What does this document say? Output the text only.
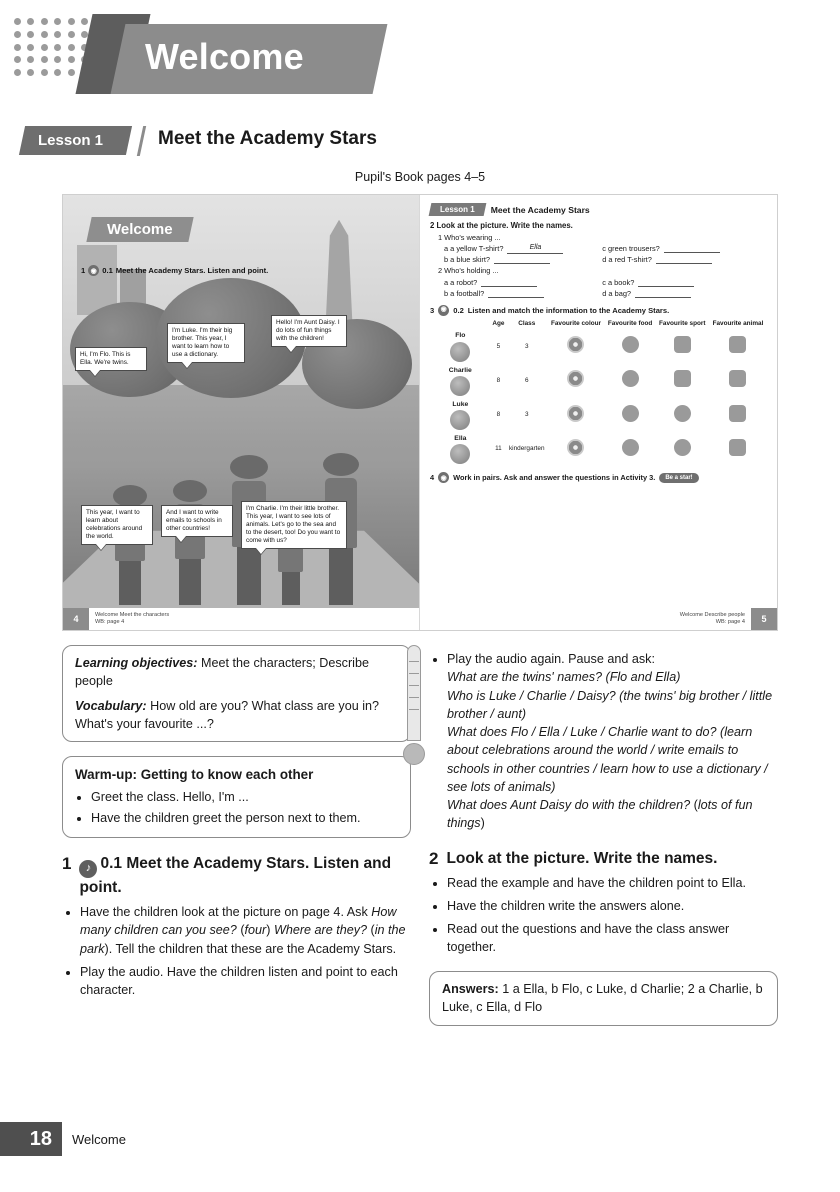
Welcome
Lesson 1	Meet the Academy Stars
Pupil's Book pages 4–5
Welcome
1 ◉ 0.1 Meet the Academy Stars. Listen and point.
Hi, I'm Flo. This is Ella. We're twins.
I'm Luke. I'm their big brother. This year, I want to learn how to use a dictionary.
Hello! I'm Aunt Daisy. I do lots of fun things with the children!
This year, I want to learn about celebrations around the world.
And I want to write emails to schools in other countries!
I'm Charlie. I'm their little brother. This year, I want to see lots of animals. Let's go to the sea and to the desert, too! Do you want to come with us?
4	Welcome Meet the characters
WB: page 4
Lesson 1	Meet the Academy Stars
2 Look at the picture. Write the names.
1 Who's wearing ...
a a yellow T-shirt?	Ella	c green trousers?
b a blue skirt?	d a red T-shirt?
2 Who's holding ...
a a robot?	c a book?
b a football?	d a bag?
3 ◉ 0.2 Listen and match the information to the Academy Stars.
	Age	Class	Favourite colour	Favourite food	Favourite sport	Favourite animal

Flo	5	3				

Charlie	8	6				

Luke	8	3				

Ella	11	kindergarten				
4 ◉ Work in pairs. Ask and answer the questions in Activity 3.	Be a star!
Welcome Describe people
WB: page 4	5
Learning objectives: Meet the characters; Describe people
Vocabulary: How old are you? What class are you in? What's your favourite ...?
Warm-up: Getting to know each other
• Greet the class. Hello, I'm ...
• Have the children greet the person next to them.
1	♪ 0.1 Meet the Academy Stars. Listen and point.
• Have the children look at the picture on page 4. Ask How many children can you see? (four) Where are they? (in the park). Tell the children that these are the Academy Stars.
• Play the audio. Have the children listen and point to each character.
• Play the audio again. Pause and ask:
What are the twins' names? (Flo and Ella)
Who is Luke / Charlie / Daisy? (the twins' big brother / little brother / aunt)
What does Flo / Ella / Luke / Charlie want to do? (learn about celebrations around the world / write emails to schools in other countries / learn how to use a dictionary / see lots of animals)
What does Aunt Daisy do with the children? (lots of fun things)
2 Look at the picture. Write the names.
• Read the example and have the children point to Ella.
• Have the children write the answers alone.
• Read out the questions and have the class answer together.
Answers: 1 a Ella, b Flo, c Luke, d Charlie; 2 a Charlie, b Luke, c Ella, d Flo
18	Welcome
